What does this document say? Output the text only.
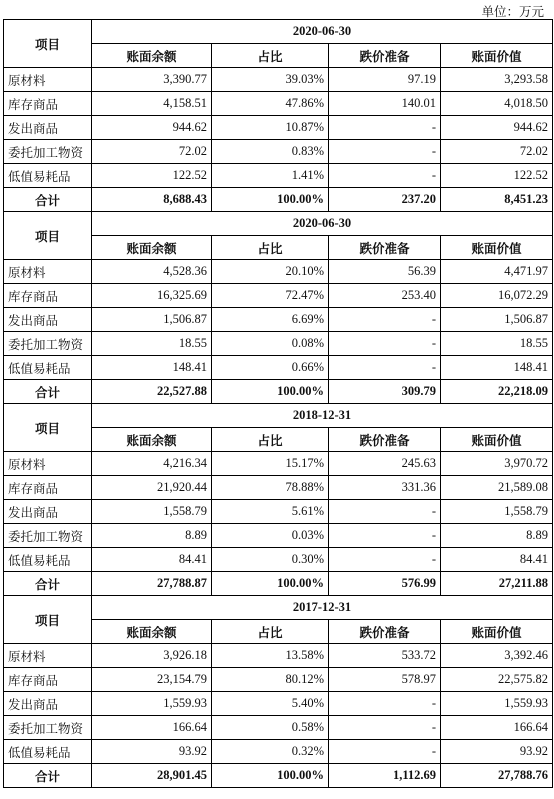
单位：万元
项目	2020-06-30			
	账面余额	占比	跌价准备	账面价值
原材料	3,390.77	39.03%	97.19	3,293.58
库存商品	4,158.51	47.86%	140.01	4,018.50
发出商品	944.62	10.87%	-	944.62
委托加工物资	72.02	0.83%	-	72.02
低值易耗品	122.52	1.41%	-	122.52
合计	8,688.43	100.00%	237.20	8,451.23
项目	2020-06-30			
	账面余额	占比	跌价准备	账面价值
原材料	4,528.36	20.10%	56.39	4,471.97
库存商品	16,325.69	72.47%	253.40	16,072.29
发出商品	1,506.87	6.69%	-	1,506.87
委托加工物资	18.55	0.08%	-	18.55
低值易耗品	148.41	0.66%	-	148.41
合计	22,527.88	100.00%	309.79	22,218.09
项目	2018-12-31			
	账面余额	占比	跌价准备	账面价值
原材料	4,216.34	15.17%	245.63	3,970.72
库存商品	21,920.44	78.88%	331.36	21,589.08
发出商品	1,558.79	5.61%	-	1,558.79
委托加工物资	8.89	0.03%	-	8.89
低值易耗品	84.41	0.30%	-	84.41
合计	27,788.87	100.00%	576.99	27,211.88
项目	2017-12-31			
	账面余额	占比	跌价准备	账面价值
原材料	3,926.18	13.58%	533.72	3,392.46
库存商品	23,154.79	80.12%	578.97	22,575.82
发出商品	1,559.93	5.40%	-	1,559.93
委托加工物资	166.64	0.58%	-	166.64
低值易耗品	93.92	0.32%	-	93.92
合计	28,901.45	100.00%	1,112.69	27,788.76
